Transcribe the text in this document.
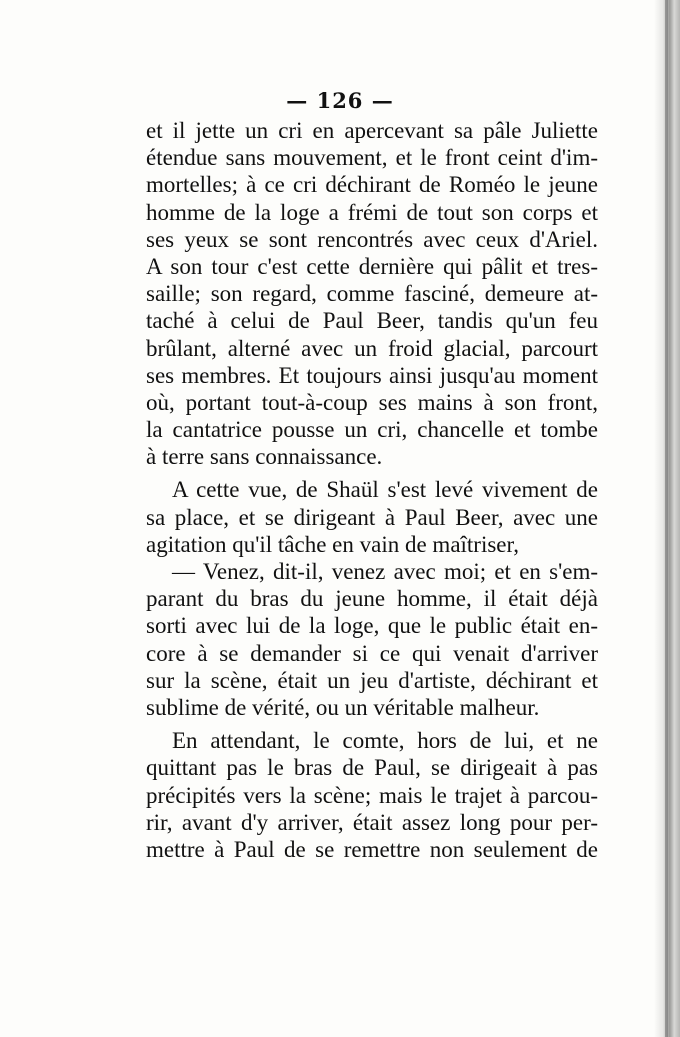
— 126 —
et il jette un cri en apercevant sa pâle Juliette
étendue sans mouvement, et le front ceint d'im-
mortelles; à ce cri déchirant de Roméo le jeune
homme de la loge a frémi de tout son corps et
ses yeux se sont rencontrés avec ceux d'Ariel.
A son tour c'est cette dernière qui pâlit et tres-
saille; son regard, comme fasciné, demeure at-
taché à celui de Paul Beer, tandis qu'un feu
brûlant, alterné avec un froid glacial, parcourt
ses membres. Et toujours ainsi jusqu'au moment
où, portant tout-à-coup ses mains à son front,
la cantatrice pousse un cri, chancelle et tombe
à terre sans connaissance.
A cette vue, de Shaül s'est levé vivement de
sa place, et se dirigeant à Paul Beer, avec une
agitation qu'il tâche en vain de maîtriser,
— Venez, dit-il, venez avec moi; et en s'em-
parant du bras du jeune homme, il était déjà
sorti avec lui de la loge, que le public était en-
core à se demander si ce qui venait d'arriver
sur la scène, était un jeu d'artiste, déchirant et
sublime de vérité, ou un véritable malheur.
En attendant, le comte, hors de lui, et ne
quittant pas le bras de Paul, se dirigeait à pas
précipités vers la scène; mais le trajet à parcou-
rir, avant d'y arriver, était assez long pour per-
mettre à Paul de se remettre non seulement de
